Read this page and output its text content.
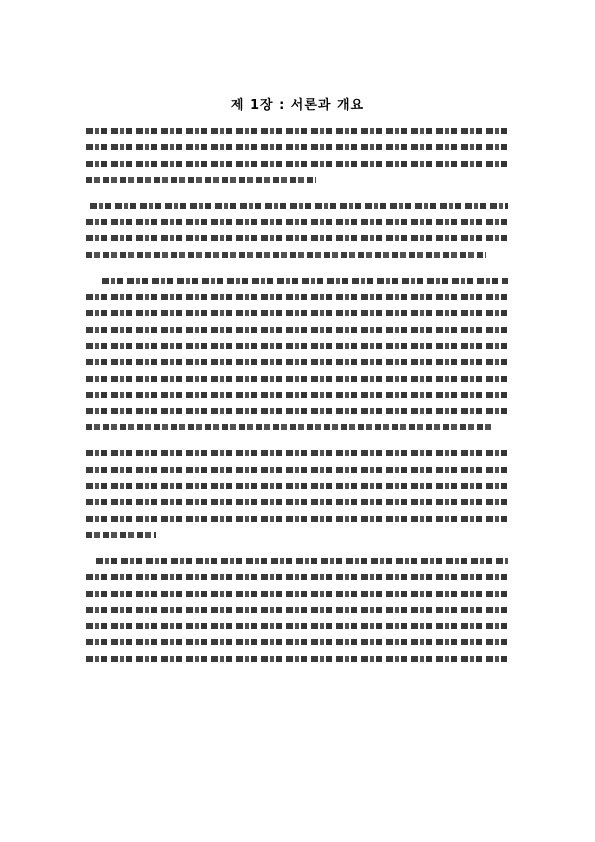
제 1장 : 서론과 개요
